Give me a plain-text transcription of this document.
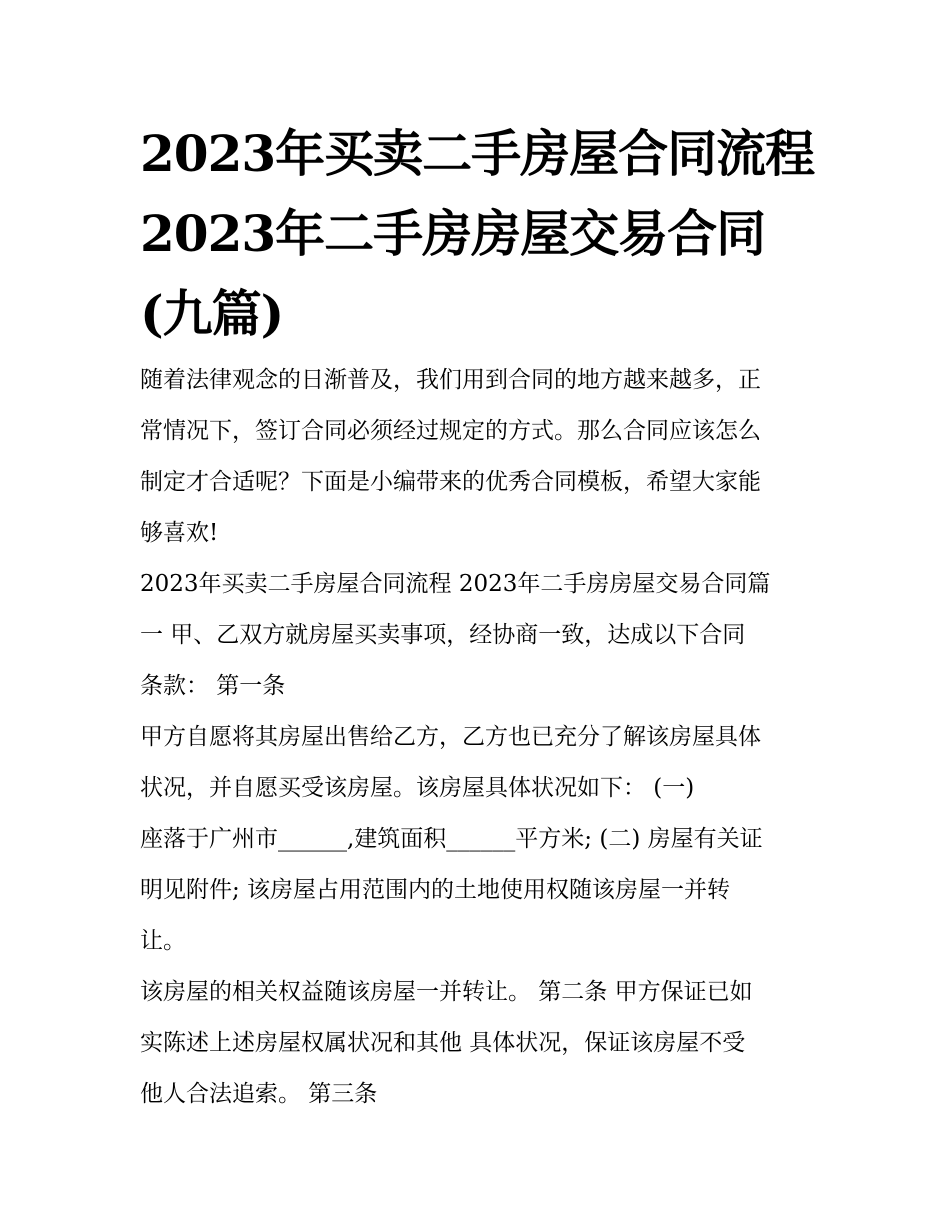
2023年买卖二手房屋合同流程
2023年二手房房屋交易合同
(九篇)

随着法律观念的日渐普及，我们用到合同的地方越来越多，正
常情况下，签订合同必须经过规定的方式。那么合同应该怎么
制定才合适呢？下面是小编带来的优秀合同模板，希望大家能
够喜欢!

2023年买卖二手房屋合同流程 2023年二手房房屋交易合同篇
一 甲、乙双方就房屋买卖事项，经协商一致，达成以下合同
条款： 第一条

甲方自愿将其房屋出售给乙方，乙方也已充分了解该房屋具体
状况，并自愿买受该房屋。该房屋具体状况如下： (一)
座落于广州市______,建筑面积______平方米; (二) 房屋有关证
明见附件; 该房屋占用范围内的土地使用权随该房屋一并转
让。

该房屋的相关权益随该房屋一并转让。 第二条 甲方保证已如
实陈述上述房屋权属状况和其他 具体状况，保证该房屋不受
他人合法追索。 第三条
